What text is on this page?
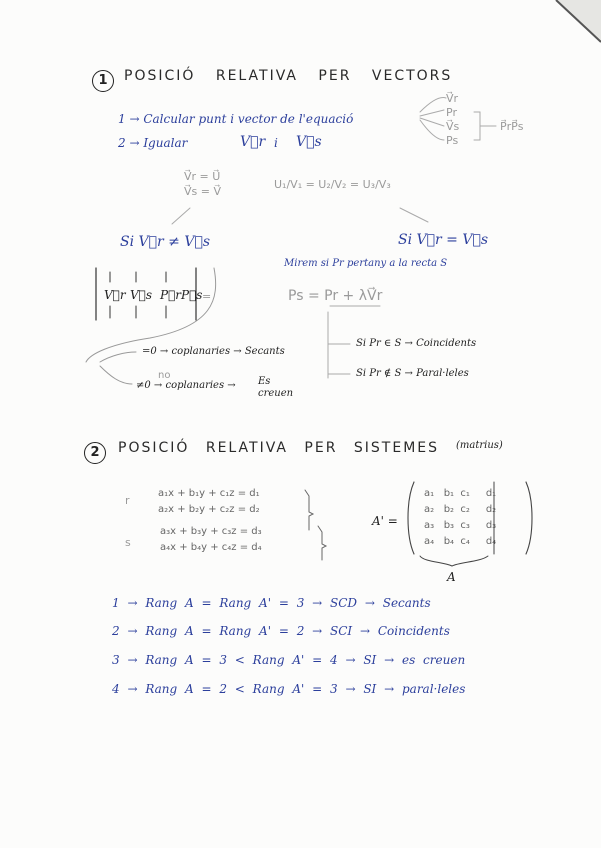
1	POSICIÓ RELATIVA PER VECTORS
1 → Calcular punt i vector de l'equació
2 → Igualar	V⃗r i V⃗s
V⃗r
Pr
V⃗s
Ps
P⃗rP⃗s
V⃗r = U⃗
V⃗s = V⃗
U₁/V₁ = U₂/V₂ = U₃/V₃
Si V⃗r ≠ V⃗s	Si V⃗r = V⃗s
V⃗r V⃗s P⃗rP⃗s =
=0 → coplanaries → Secants
no
≠0 → coplanaries → Es creuen
Mirem si Pr pertany a la recta S
Ps = Pr + λV⃗r
Si Pr ∈ S → Coincidents
Si Pr ∉ S → Paral·leles
2	POSICIÓ RELATIVA PER SISTEMES (matrius)
r
s
a₁x + b₁y + c₁z = d₁
a₂x + b₂y + c₂z = d₂
a₃x + b₃y + c₃z = d₃
a₄x + b₄y + c₄z = d₄
A' =
a₁ b₁ c₁ d₁
a₂ b₂ c₂ d₂
a₃ b₃ c₃ d₃
a₄ b₄ c₄ d₄
A
1 → Rang A = Rang A' = 3 → SCD → Secants
2 → Rang A = Rang A' = 2 → SCI → Coincidents
3 → Rang A = 3 < Rang A' = 4 → SI → es creuen
4 → Rang A = 2 < Rang A' = 3 → SI → paral·leles
